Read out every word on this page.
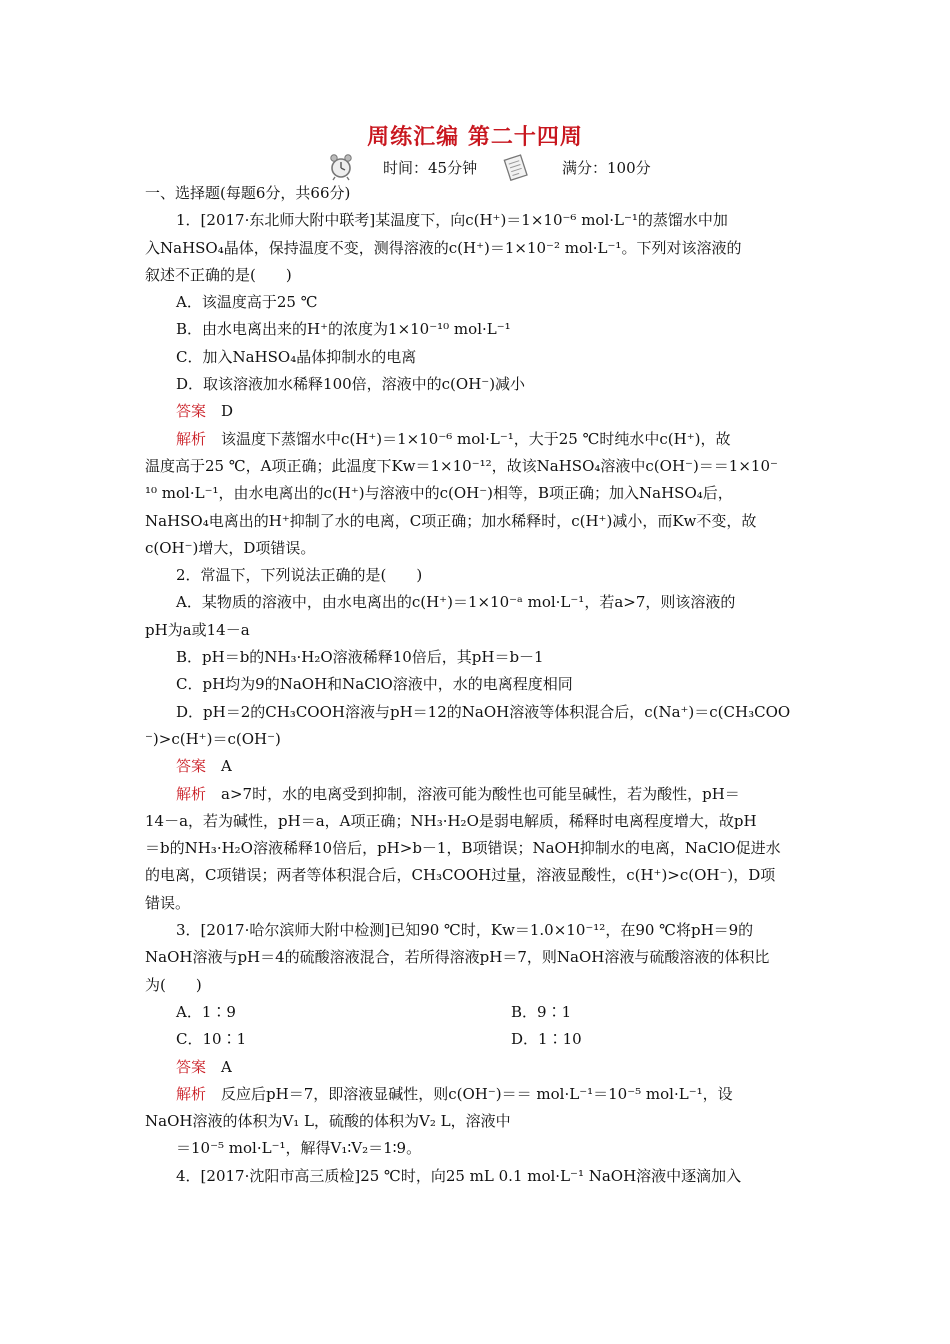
周练汇编 第二十四周
时间：45分钟	满分：100分
一、选择题(每题6分，共66分)
1．[2017·东北师大附中联考]某温度下，向c(H⁺)＝1×10⁻⁶ mol·L⁻¹的蒸馏水中加
入NaHSO₄晶体，保持温度不变，测得溶液的c(H⁺)＝1×10⁻² mol·L⁻¹。下列对该溶液的
叙述不正确的是(　　)
A．该温度高于25 ℃
B．由水电离出来的H⁺的浓度为1×10⁻¹⁰ mol·L⁻¹
C．加入NaHSO₄晶体抑制水的电离
D．取该溶液加水稀释100倍，溶液中的c(OH⁻)减小
答案　 D
解析　 该温度下蒸馏水中c(H⁺)＝1×10⁻⁶ mol·L⁻¹，大于25 ℃时纯水中c(H⁺)，故
温度高于25 ℃，A项正确；此温度下Kw＝1×10⁻¹²，故该NaHSO₄溶液中c(OH⁻)＝＝1×10⁻
¹⁰ mol·L⁻¹，由水电离出的c(H⁺)与溶液中的c(OH⁻)相等，B项正确；加入NaHSO₄后，
NaHSO₄电离出的H⁺抑制了水的电离，C项正确；加水稀释时，c(H⁺)减小，而Kw不变，故
c(OH⁻)增大，D项错误。
2．常温下，下列说法正确的是(　　)
A．某物质的溶液中，由水电离出的c(H⁺)＝1×10⁻ᵃ mol·L⁻¹，若a>7，则该溶液的
pH为a或14－a
B．pH＝b的NH₃·H₂O溶液稀释10倍后，其pH＝b－1
C．pH均为9的NaOH和NaClO溶液中，水的电离程度相同
D．pH＝2的CH₃COOH溶液与pH＝12的NaOH溶液等体积混合后，c(Na⁺)＝c(CH₃COO
⁻)>c(H⁺)＝c(OH⁻)
答案　 A
解析　 a>7时，水的电离受到抑制，溶液可能为酸性也可能呈碱性，若为酸性，pH＝
14－a，若为碱性，pH＝a，A项正确；NH₃·H₂O是弱电解质，稀释时电离程度增大，故pH
＝b的NH₃·H₂O溶液稀释10倍后，pH>b－1，B项错误；NaOH抑制水的电离，NaClO促进水
的电离，C项错误；两者等体积混合后，CH₃COOH过量，溶液显酸性，c(H⁺)>c(OH⁻)，D项
错误。
3．[2017·哈尔滨师大附中检测]已知90 ℃时，Kw＝1.0×10⁻¹²，在90 ℃将pH＝9的
NaOH溶液与pH＝4的硫酸溶液混合，若所得溶液pH＝7，则NaOH溶液与硫酸溶液的体积比
为(　　)
A．1∶9	B．9∶1
C．10∶1	D．1∶10
答案　 A
解析　 反应后pH＝7，即溶液显碱性，则c(OH⁻)＝＝ mol·L⁻¹＝10⁻⁵ mol·L⁻¹，设
NaOH溶液的体积为V₁ L，硫酸的体积为V₂ L，溶液中
＝10⁻⁵ mol·L⁻¹，解得V₁∶V₂＝1∶9。
4．[2017·沈阳市高三质检]25 ℃时，向25 mL 0.1 mol·L⁻¹ NaOH溶液中逐滴加入
